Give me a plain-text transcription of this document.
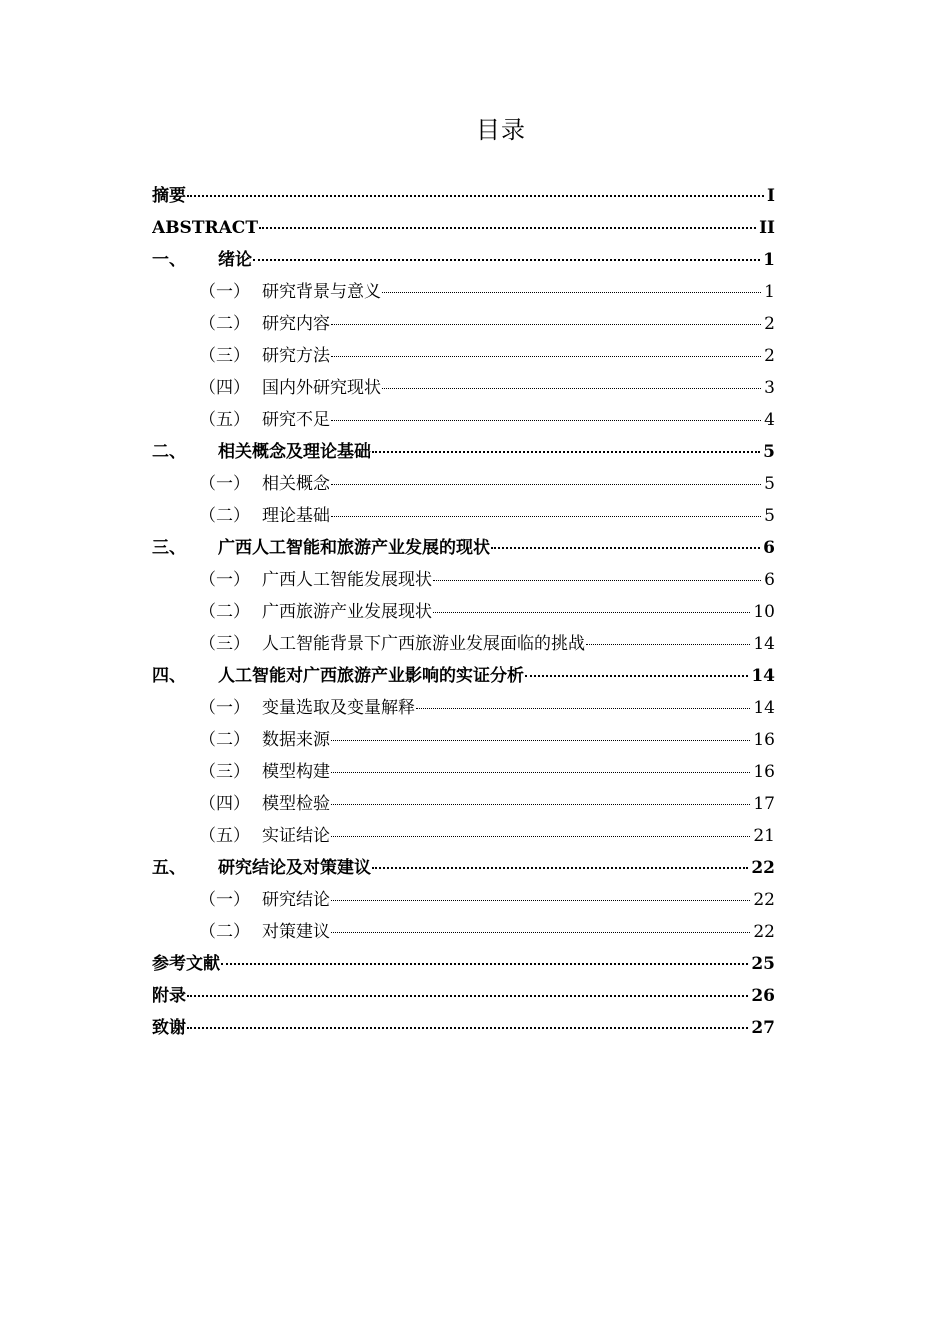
目录
摘要	I
ABSTRACT	II
一、	绪论	1
（一） 研究背景与意义	1
（二） 研究内容	2
（三） 研究方法	2
（四） 国内外研究现状	3
（五） 研究不足	4
二、	相关概念及理论基础	5
（一） 相关概念	5
（二） 理论基础	5
三、	广西人工智能和旅游产业发展的现状	6
（一） 广西人工智能发展现状	6
（二） 广西旅游产业发展现状	10
（三） 人工智能背景下广西旅游业发展面临的挑战	14
四、	人工智能对广西旅游产业影响的实证分析	14
（一） 变量选取及变量解释	14
（二） 数据来源	16
（三） 模型构建	16
（四） 模型检验	17
（五） 实证结论	21
五、	研究结论及对策建议	22
（一） 研究结论	22
（二） 对策建议	22
参考文献	25
附录	26
致谢	27
